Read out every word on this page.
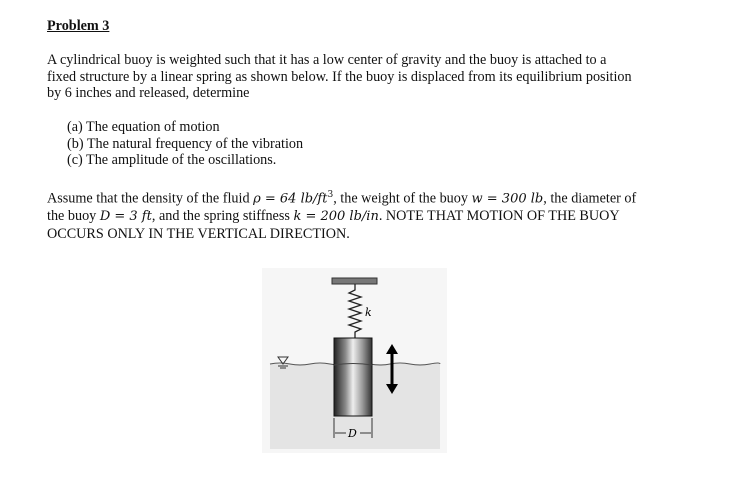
Problem 3
A cylindrical buoy is weighted such that it has a low center of gravity and the buoy is attached to a
fixed structure by a linear spring as shown below. If the buoy is displaced from its equilibrium position
by 6 inches and released, determine
(a) The equation of motion
(b) The natural frequency of the vibration
(c) The amplitude of the oscillations.
Assume that the density of the fluid ρ = 64 $lb/ft^3$, the weight of the buoy w = 300 lb, the diameter of
the buoy D = 3 ft, and the spring stiffness k = 200 lb/in. NOTE THAT MOTION OF THE BUOY
OCCURS ONLY IN THE VERTICAL DIRECTION.
k
D
